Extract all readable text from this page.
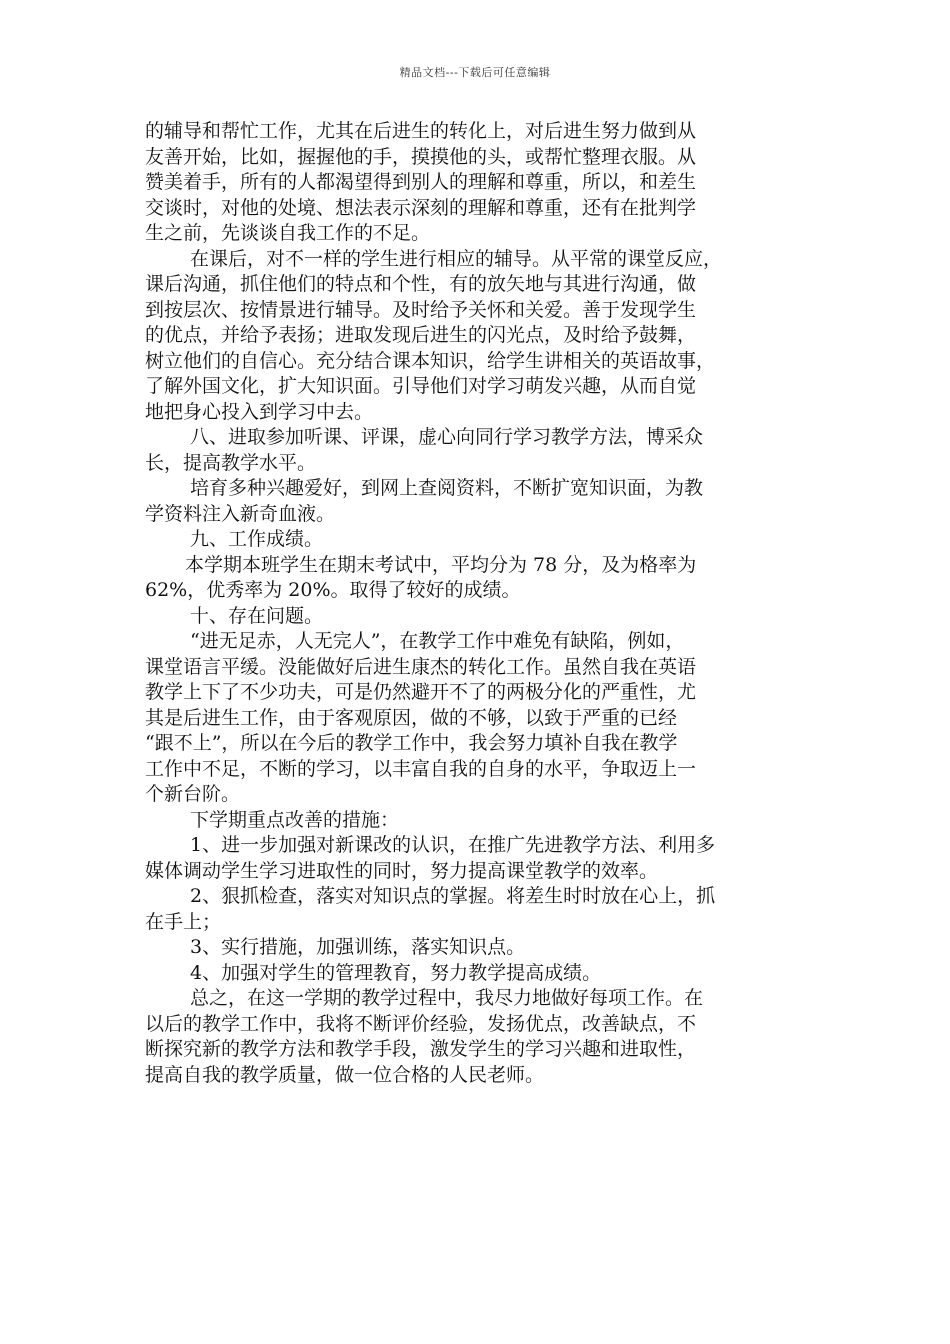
精品文档---下载后可任意编辑
的辅导和帮忙工作，尤其在后进生的转化上，对后进生努力做到从
友善开始，比如，握握他的手，摸摸他的头，或帮忙整理衣服。从
赞美着手，所有的人都渴望得到别人的理解和尊重，所以，和差生
交谈时，对他的处境、想法表示深刻的理解和尊重，还有在批判学
生之前，先谈谈自我工作的不足。
在课后，对不一样的学生进行相应的辅导。从平常的课堂反应，
课后沟通，抓住他们的特点和个性，有的放矢地与其进行沟通，做
到按层次、按情景进行辅导。及时给予关怀和关爱。善于发现学生
的优点，并给予表扬；进取发现后进生的闪光点，及时给予鼓舞，
树立他们的自信心。充分结合课本知识，给学生讲相关的英语故事，
了解外国文化，扩大知识面。引导他们对学习萌发兴趣，从而自觉
地把身心投入到学习中去。
八、进取参加听课、评课，虚心向同行学习教学方法，博采众
长，提高教学水平。
培育多种兴趣爱好，到网上查阅资料，不断扩宽知识面，为教
学资料注入新奇血液。
九、工作成绩。
本学期本班学生在期末考试中，平均分为 78 分，及为格率为
62%，优秀率为 20%。取得了较好的成绩。
十、存在问题。
“进无足赤，人无完人”，在教学工作中难免有缺陷，例如，
课堂语言平缓。没能做好后进生康杰的转化工作。虽然自我在英语
教学上下了不少功夫，可是仍然避开不了的两极分化的严重性，尤
其是后进生工作，由于客观原因，做的不够，以致于严重的已经
“跟不上”，所以在今后的教学工作中，我会努力填补自我在教学
工作中不足，不断的学习，以丰富自我的自身的水平，争取迈上一
个新台阶。
下学期重点改善的措施：
1、进一步加强对新课改的认识，在推广先进教学方法、利用多
媒体调动学生学习进取性的同时，努力提高课堂教学的效率。
2、狠抓检查，落实对知识点的掌握。将差生时时放在心上，抓
在手上；
3、实行措施，加强训练，落实知识点。
4、加强对学生的管理教育，努力教学提高成绩。
总之，在这一学期的教学过程中，我尽力地做好每项工作。在
以后的教学工作中，我将不断评价经验，发扬优点，改善缺点，不
断探究新的教学方法和教学手段，激发学生的学习兴趣和进取性，
提高自我的教学质量，做一位合格的人民老师。
